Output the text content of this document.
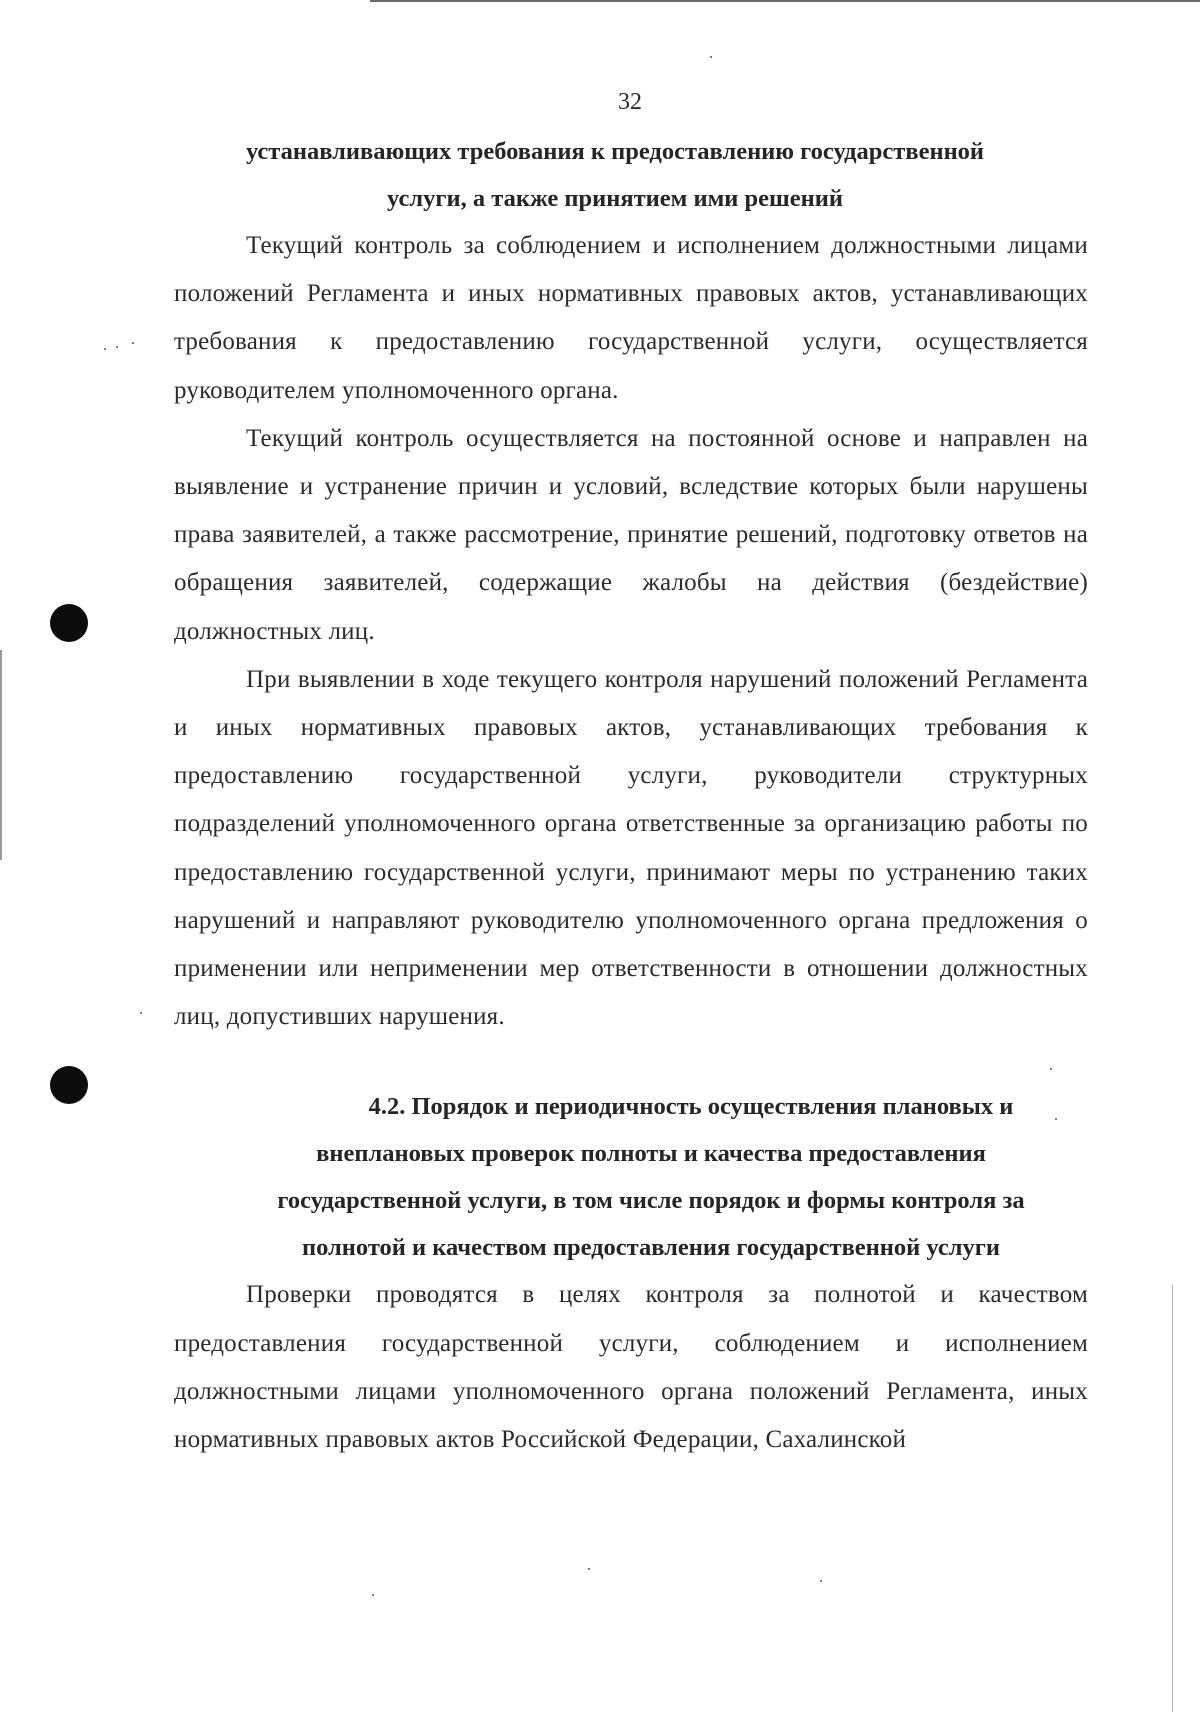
32
устанавливающих требования к предоставлению государственной
услуги, а также принятием ими решений

Текущий контроль за соблюдением и исполнением должностными лицами положений Регламента и иных нормативных правовых актов, устанавливающих требования к предоставлению государственной услуги, осуществляется руководителем уполномоченного органа.

Текущий контроль осуществляется на постоянной основе и направлен на выявление и устранение причин и условий, вследствие которых были нарушены права заявителей, а также рассмотрение, принятие решений, подготовку ответов на обращения заявителей, содержащие жалобы на действия (бездействие) должностных лиц.

При выявлении в ходе текущего контроля нарушений положений Регламента и иных нормативных правовых актов, устанавливающих требования к предоставлению государственной услуги, руководители структурных подразделений уполномоченного органа ответственные за организацию работы по предоставлению государственной услуги, принимают меры по устранению таких нарушений и направляют руководителю уполномоченного органа предложения о применении или неприменении мер ответственности в отношении должностных лиц, допустивших нарушения.

4.2. Порядок и периодичность осуществления плановых и
внеплановых проверок полноты и качества предоставления
государственной услуги, в том числе порядок и формы контроля за
полнотой и качеством предоставления государственной услуги

Проверки проводятся в целях контроля за полнотой и качеством предоставления государственной услуги, соблюдением и исполнением должностными лицами уполномоченного органа положений Регламента, иных нормативных правовых актов Российской Федерации, Сахалинской
